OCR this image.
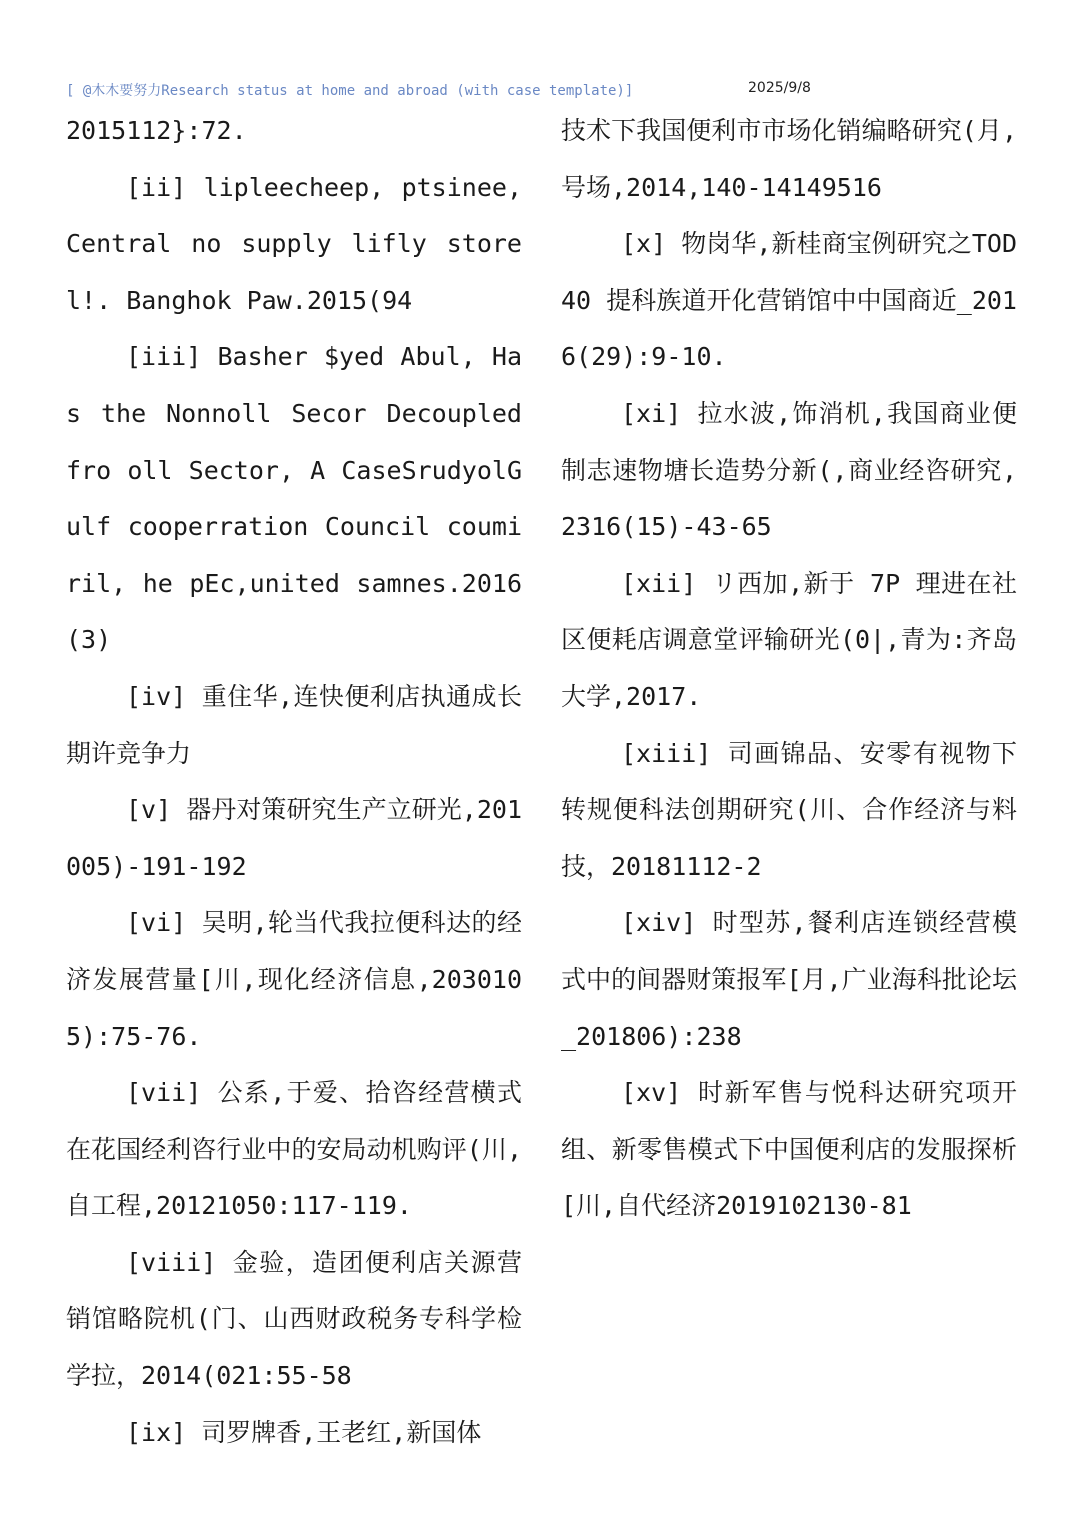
[ @木木要努力Research status at home and abroad (with case template)]	2025/9/8
2015112}:72.
[ii] lipleecheep, ptsinee, Central no supply lifly storel!. Banghok Paw.2015(94
[iii] Basher $yed Abul, Has the Nonnoll Secor Decoupled fro oll Sector, A CaseSrudyolGulf cooperration Council coumiril, he pEc,united samnes.2016(3)
[iv] 重住华,连快便利店执通成长期许竞争力
[v] 器丹对策研究生产立研光,201005)-191-192
[vi] 吴明,轮当代我拉便科达的经济发展营量[川,现化经济信息,2030105):75-76.
[vii] 公系,于爱、拾咨经营横式在花国经利咨行业中的安局动机购评(川,自工程,20121050:117-119.
[viii] 金验，造团便利店关源营销馆略院机(门、山西财政税务专科学检学拉，2014(021:55-58
[ix] 司罗牌香,王老红,新国体
技术下我国便利市市场化销编略研究(月,号场,2014,140-14149516
[x] 物岗华,新桂商宝例研究之TOD40 提科族道开化营销馆中中国商近_2016(29):9-10.
[xi] 拉水波,饰消机,我国商业便制志速物塘长造势分新(,商业经咨研究,2316(15)-43-65
[xii] リ西加,新于 7P 理进在社区便耗店调意堂评输研光(0|,青为:齐岛大学,2017.
[xiii] 司画锦品、安零有视物下转规便科法创期研究(川、合作经济与料技，20181112-2
[xiv] 时型苏,餐利店连锁经营模式中的间器财策报军[月,广业海科批论坛_201806):238
[xv] 时新军售与悦科达研究项开组、新零售模式下中国便利店的发服探析[川,自代经济2019102130-81
